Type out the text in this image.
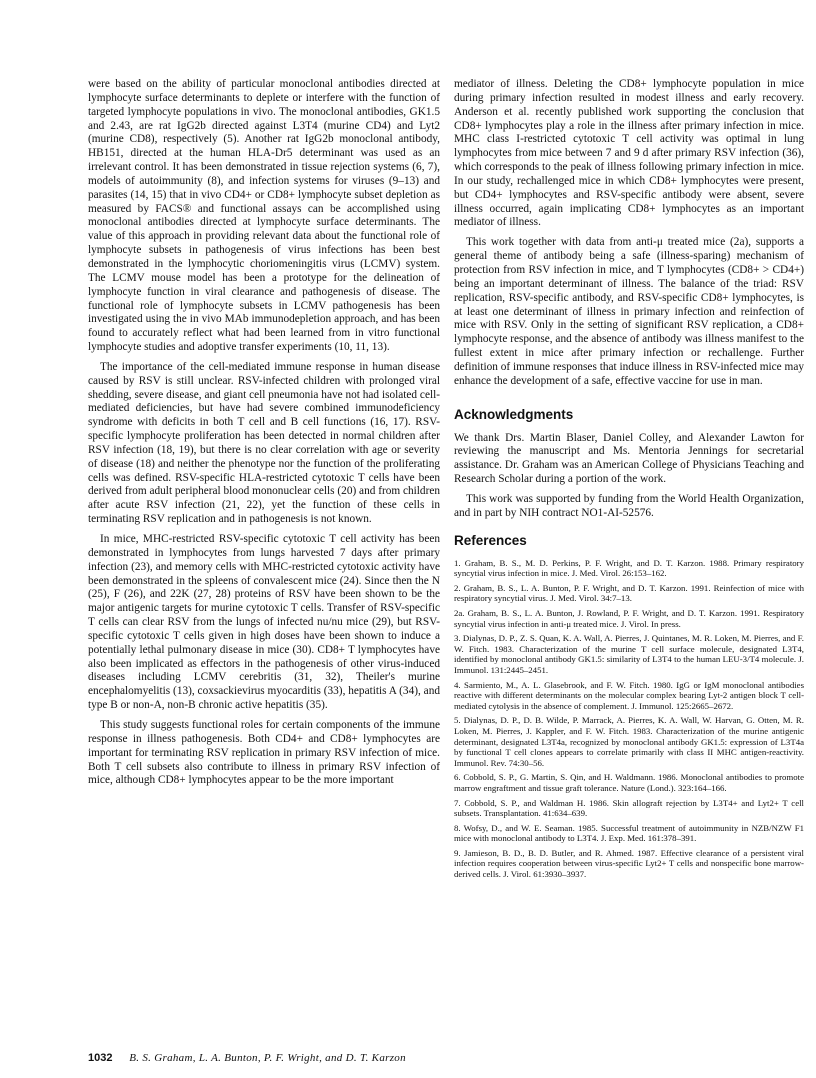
were based on the ability of particular monoclonal antibodies directed at lymphocyte surface determinants to deplete or interfere with the function of targeted lymphocyte populations in vivo. The monoclonal antibodies, GK1.5 and 2.43, are rat IgG2b directed against L3T4 (murine CD4) and Lyt2 (murine CD8), respectively (5). Another rat IgG2b monoclonal antibody, HB151, directed at the human HLA-Dr5 determinant was used as an irrelevant control. It has been demonstrated in tissue rejection systems (6, 7), models of autoimmunity (8), and infection systems for viruses (9–13) and parasites (14, 15) that in vivo CD4+ or CD8+ lymphocyte subset depletion as measured by FACS® and functional assays can be accomplished using monoclonal antibodies directed at lymphocyte surface determinants. The value of this approach in providing relevant data about the functional role of lymphocyte subsets in pathogenesis of virus infections has been best demonstrated in the lymphocytic choriomeningitis virus (LCMV) system. The LCMV mouse model has been a prototype for the delineation of lymphocyte function in viral clearance and pathogenesis of disease. The functional role of lymphocyte subsets in LCMV pathogenesis has been investigated using the in vivo MAb immunodepletion approach, and has been found to accurately reflect what had been learned from in vitro functional lymphocyte studies and adoptive transfer experiments (10, 11, 13).

The importance of the cell-mediated immune response in human disease caused by RSV is still unclear. RSV-infected children with prolonged viral shedding, severe disease, and giant cell pneumonia have not had isolated cell-mediated deficiencies, but have had severe combined immunodeficiency syndrome with deficits in both T cell and B cell functions (16, 17). RSV-specific lymphocyte proliferation has been detected in normal children after RSV infection (18, 19), but there is no clear correlation with age or severity of disease (18) and neither the phenotype nor the function of the proliferating cells was defined. RSV-specific HLA-restricted cytotoxic T cells have been derived from adult peripheral blood mononuclear cells (20) and from children after acute RSV infection (21, 22), yet the function of these cells in terminating RSV replication and in pathogenesis is not known.

In mice, MHC-restricted RSV-specific cytotoxic T cell activity has been demonstrated in lymphocytes from lungs harvested 7 days after primary infection (23), and memory cells with MHC-restricted cytotoxic activity have been demonstrated in the spleens of convalescent mice (24). Since then the N (25), F (26), and 22K (27, 28) proteins of RSV have been shown to be the major antigenic targets for murine cytotoxic T cells. Transfer of RSV-specific T cells can clear RSV from the lungs of infected nu/nu mice (29), but RSV-specific cytotoxic T cells given in high doses have been shown to induce a potentially lethal pulmonary disease in mice (30). CD8+ T lymphocytes have also been implicated as effectors in the pathogenesis of other virus-induced diseases including LCMV cerebritis (31, 32), Theiler's murine encephalomyelitis (13), coxsackievirus myocarditis (33), hepatitis A (34), and type B or non-A, non-B chronic active hepatitis (35).

This study suggests functional roles for certain components of the immune response in illness pathogenesis. Both CD4+ and CD8+ lymphocytes are important for terminating RSV replication in primary RSV infection of mice. Both T cell subsets also contribute to illness in primary RSV infection of mice, although CD8+ lymphocytes appear to be the more important

mediator of illness. Deleting the CD8+ lymphocyte population in mice during primary infection resulted in modest illness and early recovery. Anderson et al. recently published work supporting the conclusion that CD8+ lymphocytes play a role in the illness after primary infection in mice. MHC class I-restricted cytotoxic T cell activity was optimal in lung lymphocytes from mice between 7 and 9 d after primary RSV infection (36), which corresponds to the peak of illness following primary infection in mice. In our study, rechallenged mice in which CD8+ lymphocytes were present, but CD4+ lymphocytes and RSV-specific antibody were absent, severe illness occurred, again implicating CD8+ lymphocytes as an important mediator of illness.

This work together with data from anti-μ treated mice (2a), supports a general theme of antibody being a safe (illness-sparing) mechanism of protection from RSV infection in mice, and T lymphocytes (CD8+ > CD4+) being an important determinant of illness. The balance of the triad: RSV replication, RSV-specific antibody, and RSV-specific CD8+ lymphocytes, is at least one determinant of illness in primary infection and reinfection of mice with RSV. Only in the setting of significant RSV replication, a CD8+ lymphocyte response, and the absence of antibody was illness manifest to the fullest extent in mice after primary infection or rechallenge. Further definition of immune responses that induce illness in RSV-infected mice may enhance the development of a safe, effective vaccine for use in man.

Acknowledgments

We thank Drs. Martin Blaser, Daniel Colley, and Alexander Lawton for reviewing the manuscript and Ms. Mentoria Jennings for secretarial assistance. Dr. Graham was an American College of Physicians Teaching and Research Scholar during a portion of the work.

This work was supported by funding from the World Health Organization, and in part by NIH contract NO1-AI-52576.

References
1. Graham, B. S., M. D. Perkins, P. F. Wright, and D. T. Karzon. 1988. Primary respiratory syncytial virus infection in mice. J. Med. Virol. 26:153–162.
2. Graham, B. S., L. A. Bunton, P. F. Wright, and D. T. Karzon. 1991. Reinfection of mice with respiratory syncytial virus. J. Med. Virol. 34:7–13.
2a. Graham, B. S., L. A. Bunton, J. Rowland, P. F. Wright, and D. T. Karzon. 1991. Respiratory syncytial virus infection in anti-μ treated mice. J. Virol. In press.
3. Dialynas, D. P., Z. S. Quan, K. A. Wall, A. Pierres, J. Quintanes, M. R. Loken, M. Pierres, and F. W. Fitch. 1983. Characterization of the murine T cell surface molecule, designated L3T4, identified by monoclonal antibody GK1.5: similarity of L3T4 to the human LEU-3/T4 molecule. J. Immunol. 131:2445–2451.
4. Sarmiento, M., A. L. Glasebrook, and F. W. Fitch. 1980. IgG or IgM monoclonal antibodies reactive with different determinants on the molecular complex bearing Lyt-2 antigen block T cell-mediated cytolysis in the absence of complement. J. Immunol. 125:2665–2672.
5. Dialynas, D. P., D. B. Wilde, P. Marrack, A. Pierres, K. A. Wall, W. Harvan, G. Otten, M. R. Loken, M. Pierres, J. Kappler, and F. W. Fitch. 1983. Characterization of the murine antigenic determinant, designated L3T4a, recognized by monoclonal antibody GK1.5: expression of L3T4a by functional T cell clones appears to correlate primarily with class II MHC antigen-reactivity. Immunol. Rev. 74:30–56.
6. Cobbold, S. P., G. Martin, S. Qin, and H. Waldmann. 1986. Monoclonal antibodies to promote marrow engraftment and tissue graft tolerance. Nature (Lond.). 323:164–166.
7. Cobbold, S. P., and Waldman H. 1986. Skin allograft rejection by L3T4+ and Lyt2+ T cell subsets. Transplantation. 41:634–639.
8. Wofsy, D., and W. E. Seaman. 1985. Successful treatment of autoimmunity in NZB/NZW F1 mice with monoclonal antibody to L3T4. J. Exp. Med. 161:378–391.
9. Jamieson, B. D., B. D. Butler, and R. Ahmed. 1987. Effective clearance of a persistent viral infection requires cooperation between virus-specific Lyt2+ T cells and nonspecific bone marrow-derived cells. J. Virol. 61:3930–3937.
1032 B. S. Graham, L. A. Bunton, P. F. Wright, and D. T. Karzon
